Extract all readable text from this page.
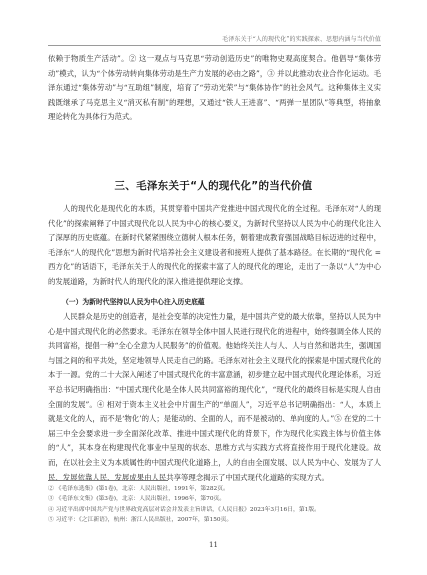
毛泽东关于“人的现代化”的实践探索、思想内涵与当代价值

依赖于物质生产活动”。② 这一观点与马克思“劳动创造历史”的唯物史观高度契合。他倡导“集体劳动”模式，认为“个体劳动转向集体劳动是生产力发展的必由之路”，③ 并以此推动农业合作化运动。毛泽东通过“集体劳动”与“互助组”制度，培育了“劳动光荣”与“集体协作”的社会风气。这种集体主义实践既继承了马克思主义“消灭私有制”的理想，又通过“铁人王进喜”、“两弹一星团队”等典型，将抽象理论转化为具体行为范式。

三、毛泽东关于“人的现代化”的当代价值

人的现代化是现代化的本质，其贯穿着中国共产党推进中国式现代化的全过程。毛泽东对“人的现代化”的探索阐释了中国式现代化以人民为中心的核心要义，为新时代坚持以人民为中心的现代化注入了深厚的历史底蕴。在新时代紧紧围绕立德树人根本任务，朝着建成教育强国战略目标迈进的过程中，毛泽东“人的现代化”思想为新时代培养社会主义建设者和接班人提供了基本路径。在长期的“现代化 = 西方化”的话语下，毛泽东关于人的现代化的探索丰富了人的现代化的理论，走出了一条以“人”为中心的发展道路，为新时代人的现代化的深入推进提供理论支撑。

（一）为新时代坚持以人民为中心注入历史底蕴

人民群众是历史的创造者，是社会变革的决定性力量，是中国共产党的最大依靠，坚持以人民为中心是中国式现代化的必然要求。毛泽东在领导全体中国人民进行现代化的进程中，始终强调全体人民的共同富裕，提倡一种“全心全意为人民服务”的价值观。他始终关注人与人、人与自然和谐共生，强调国与国之间的和平共处，坚定地领导人民走自己的路。毛泽东对社会主义现代化的探索是中国式现代化的本于一源。党的二十大深入阐述了中国式现代化的丰富意涵，初步建立起中国式现代化理论体系，习近平总书记明确指出：“中国式现代化是全体人民共同富裕的现代化”，“现代化的最终目标是实现人自由全面的发展”。④ 相对于资本主义社会中片面生产的“单面人”，习近平总书记明确指出：“人，本质上就是文化的人，而不是‘物化’的人；是能动的、全面的人，而不是被动的、单向度的人。”⑤ 在党的二十届三中全会要求进一步全面深化改革、推进中国式现代化的背景下，作为现代化实践主体与价值主体的“人”，其本身在构建现代化事业中呈现的状态、思维方式与实践方式将直接作用于现代化建设。故而，在以社会主义为本质属性的中国式现代化道路上，人的自由全面发展、以人民为中心、发展为了人民、发展依靠人民、发展成果由人民共享等理念揭示了中国式现代化道路的实现方式。

② 《毛泽东选集》(第1卷)，北京：人民出版社，1991年，第282页。
③ 《毛泽东文集》(第3卷)，北京：人民出版社，1996年，第70页。
④ 习近平出席中国共产党与世界政党高层对话会并发表主旨讲话，《人民日报》2023年3月16日，第1版。
⑤ 习近平：《之江新语》，杭州：浙江人民出版社，2007年，第150页。
11
